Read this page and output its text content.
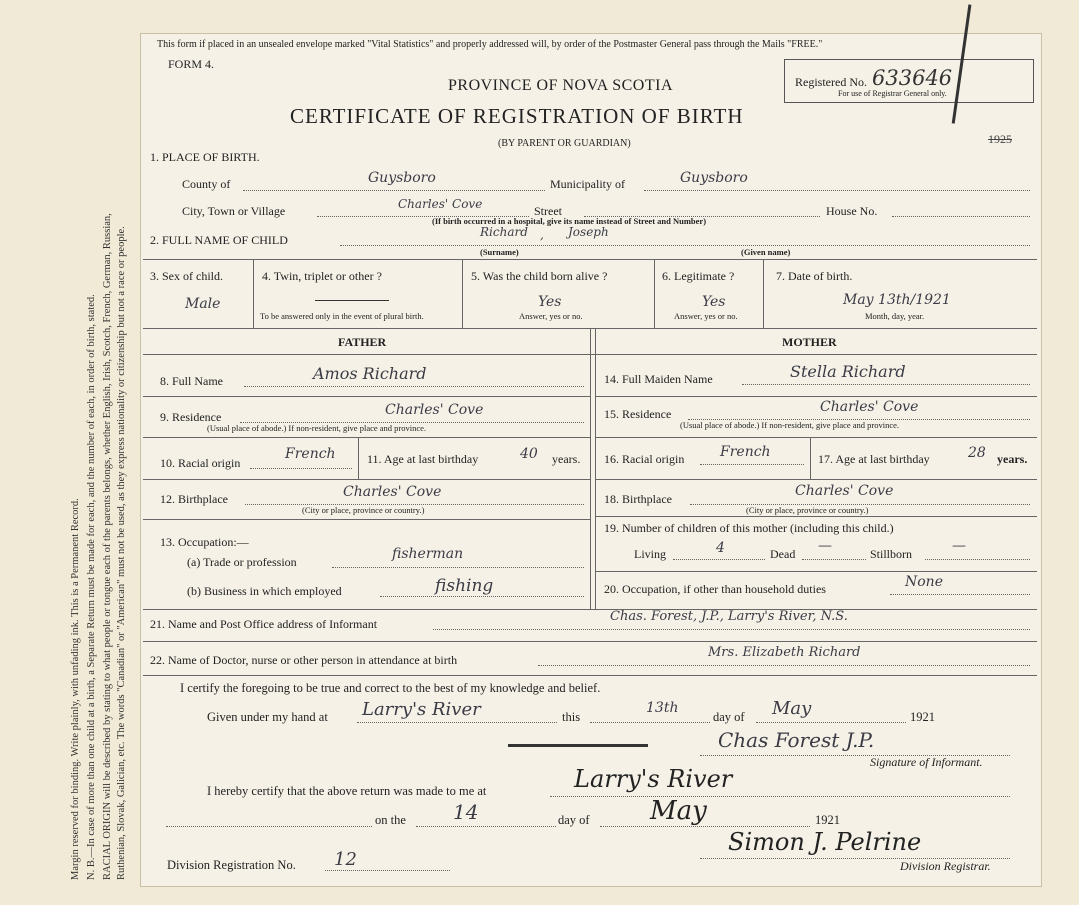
Margin reserved for binding. Write plainly, with unfading ink. This is a Permanent Record. N. B.—In case of more than one child at a birth, a Separate Return must be made for each, and the number of each, in order of birth, stated. RACIAL ORIGIN will be described by stating to what people or tongue each of the parents belongs, whether English, Irish, Scotch, French, German, Russian, Ruthenian, Slovak, Galician, etc. The words "Canadian" or "American" must not be used, as they express nationality or citizenship but not a race or people.
This form if placed in an unsealed envelope marked "Vital Statistics" and properly addressed will, by order of the Postmaster General pass through the Mails "FREE."
FORM 4.
PROVINCE OF NOVA SCOTIA
CERTIFICATE OF REGISTRATION OF BIRTH
(BY PARENT OR GUARDIAN)
Registered No. 633646
For use of Registrar General only.
1925
1. PLACE OF BIRTH.
County of	Guysboro	Municipality of	Guysboro
City, Town or Village	Charles' Cove	Street	House No.
(If birth occurred in a hospital, give its name instead of Street and Number)
2. FULL NAME OF CHILD
Richard , Joseph
(Surname)	(Given name)
3. Sex of child.
Male
4. Twin, triplet or other ?
To be answered only in the event of plural birth.
5. Was the child born alive ?
Yes
Answer, yes or no.
6. Legitimate ?
Yes
Answer, yes or no.
7. Date of birth.
May 13th/1921
Month, day, year.
FATHER	MOTHER
8. Full Name	Amos Richard
9. Residence	Charles' Cove
(Usual place of abode.) If non-resident, give place and province.
10. Racial origin
French	11. Age at last birthday	40 years.
12. Birthplace	Charles' Cove
(City or place, province or country.)
13. Occupation:—
(a) Trade or profession	fisherman
(b) Business in which employed	fishing
14. Full Maiden Name	Stella Richard
15. Residence	Charles' Cove
(Usual place of abode.) If non-resident, give place and province.
16. Racial origin	French	17. Age at last birthday	28 years.
18. Birthplace	Charles' Cove
(City or place, province or country.)
19. Number of children of this mother (including this child.)
Living	4	Dead —	Stillborn	—
20. Occupation, if other than household duties	None
21. Name and Post Office address of Informant	Chas. Forest, J.P., Larry's River, N.S.
22. Name of Doctor, nurse or other person in attendance at birth	Mrs. Elizabeth Richard
I certify the foregoing to be true and correct to the best of my knowledge and belief.
Given under my hand at Larry's River	this
13th
day of May	1921
Chas Forest J.P.
Signature of Informant.
I hereby certify that the above return was made to me at	Larry's River
on the 14	day of May	1921
Division Registration No. 12
Simon J. Pelrine
Division Registrar.
